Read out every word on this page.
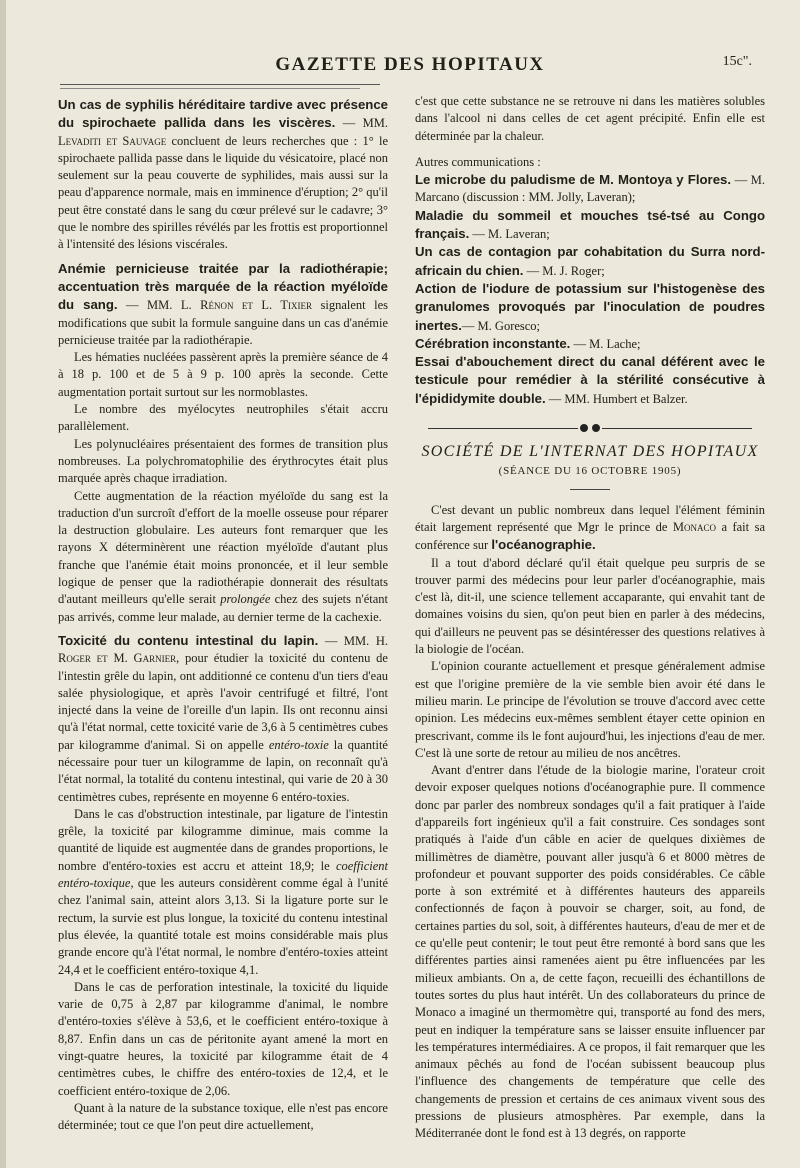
GAZETTE DES HOPITAUX	15c".

Un cas de syphilis héréditaire tardive avec présence du spirochaete pallida dans les viscères. — MM. Levaditi et Sauvage concluent de leurs recherches que : 1° le spirochaete pallida passe dans le liquide du vésicatoire, placé non seulement sur la peau couverte de syphilides, mais aussi sur la peau d'apparence normale, mais en imminence d'éruption; 2° qu'il peut être constaté dans le sang du cœur prélevé sur le cadavre; 3° que le nombre des spirilles révélés par les frottis est proportionnel à l'intensité des lésions viscérales.

Anémie pernicieuse traitée par la radiothérapie; accentuation très marquée de la réaction myéloïde du sang. — MM. L. Rénon et L. Tixier signalent les modifications que subit la formule sanguine dans un cas d'anémie pernicieuse traitée par la radiothérapie.

Les hématies nucléées passèrent après la première séance de 4 à 18 p. 100 et de 5 à 9 p. 100 après la seconde. Cette augmentation portait surtout sur les normoblastes.

Le nombre des myélocytes neutrophiles s'était accru parallèlement.

Les polynucléaires présentaient des formes de transition plus nombreuses. La polychromatophilie des érythrocytes était plus marquée après chaque irradiation.

Cette augmentation de la réaction myéloïde du sang est la traduction d'un surcroît d'effort de la moelle osseuse pour réparer la destruction globulaire. Les auteurs font remarquer que les rayons X déterminèrent une réaction myéloïde d'autant plus franche que l'anémie était moins prononcée, et il leur semble logique de penser que la radiothérapie donnerait des résultats d'autant meilleurs qu'elle serait prolongée chez des sujets n'étant pas arrivés, comme leur malade, au dernier terme de la cachexie.

Toxicité du contenu intestinal du lapin. — MM. H. Roger et M. Garnier, pour étudier la toxicité du contenu de l'intestin grêle du lapin, ont additionné ce contenu d'un tiers d'eau salée physiologique, et après l'avoir centrifugé et filtré, l'ont injecté dans la veine de l'oreille d'un lapin. Ils ont reconnu ainsi qu'à l'état normal, cette toxicité varie de 3,6 à 5 centimètres cubes par kilogramme d'animal. Si on appelle entéro-toxie la quantité nécessaire pour tuer un kilogramme de lapin, on reconnaît qu'à l'état normal, la totalité du contenu intestinal, qui varie de 20 à 30 centimètres cubes, représente en moyenne 6 entéro-toxies.

Dans le cas d'obstruction intestinale, par ligature de l'intestin grêle, la toxicité par kilogramme diminue, mais comme la quantité de liquide est augmentée dans de grandes proportions, le nombre d'entéro-toxies est accru et atteint 18,9; le coefficient entéro-toxique, que les auteurs considèrent comme égal à l'unité chez l'animal sain, atteint alors 3,13. Si la ligature porte sur le rectum, la survie est plus longue, la toxicité du contenu intestinal plus élevée, la quantité totale est moins considérable mais plus grande encore qu'à l'état normal, le nombre d'entéro-toxies atteint 24,4 et le coefficient entéro-toxique 4,1.

Dans le cas de perforation intestinale, la toxicité du liquide varie de 0,75 à 2,87 par kilogramme d'animal, le nombre d'entéro-toxies s'élève à 53,6, et le coefficient entéro-toxique à 8,87. Enfin dans un cas de péritonite ayant amené la mort en vingt-quatre heures, la toxicité par kilogramme était de 4 centimètres cubes, le chiffre des entéro-toxies de 12,4, et le coefficient entéro-toxique de 2,06.

Quant à la nature de la substance toxique, elle n'est pas encore déterminée; tout ce que l'on peut dire actuellement,

c'est que cette substance ne se retrouve ni dans les matières solubles dans l'alcool ni dans celles de cet agent précipité. Enfin elle est déterminée par la chaleur.

Autres communications :

Le microbe du paludisme de M. Montoya y Flores. — M. Marcano (discussion : MM. Jolly, Laveran);
Maladie du sommeil et mouches tsé-tsé au Congo français. — M. Laveran;
Un cas de contagion par cohabitation du Surra nord-africain du chien. — M. J. Roger;
Action de l'iodure de potassium sur l'histogenèse des granulomes provoqués par l'inoculation de poudres inertes.— M. Goresco;
Cérébration inconstante. — M. Lache;
Essai d'abouchement direct du canal déférent avec le testicule pour remédier à la stérilité consécutive à l'épididymite double. — MM. Humbert et Balzer.
SOCIÉTÉ DE L'INTERNAT DES HOPITAUX
(SÉANCE DU 16 OCTOBRE 1905)

C'est devant un public nombreux dans lequel l'élément féminin était largement représenté que Mgr le prince de Monaco a fait sa conférence sur l'océanographie.

Il a tout d'abord déclaré qu'il était quelque peu surpris de se trouver parmi des médecins pour leur parler d'océanographie, mais c'est là, dit-il, une science tellement accaparante, qui envahit tant de domaines voisins du sien, qu'on peut bien en parler à des médecins, qui d'ailleurs ne peuvent pas se désintéresser des questions relatives à la biologie de l'océan.

L'opinion courante actuellement et presque généralement admise est que l'origine première de la vie semble bien avoir été dans le milieu marin. Le principe de l'évolution se trouve d'accord avec cette opinion. Les médecins eux-mêmes semblent étayer cette opinion en prescrivant, comme ils le font aujourd'hui, les injections d'eau de mer. C'est là une sorte de retour au milieu de nos ancêtres.

Avant d'entrer dans l'étude de la biologie marine, l'orateur croit devoir exposer quelques notions d'océanographie pure. Il commence donc par parler des nombreux sondages qu'il a fait pratiquer à l'aide d'appareils fort ingénieux qu'il a fait construire. Ces sondages sont pratiqués à l'aide d'un câble en acier de quelques dixièmes de millimètres de diamètre, pouvant aller jusqu'à 6 et 8000 mètres de profondeur et pouvant supporter des poids considérables. Ce câble porte à son extrémité et à différentes hauteurs des appareils confectionnés de façon à pouvoir se charger, soit, au fond, de certaines parties du sol, soit, à différentes hauteurs, d'eau de mer et de ce qu'elle peut contenir; le tout peut être remonté à bord sans que les différentes parties ainsi ramenées aient pu être influencées par les milieux ambiants. On a, de cette façon, recueilli des échantillons de toutes sortes du plus haut intérêt. Un des collaborateurs du prince de Monaco a imaginé un thermomètre qui, transporté au fond des mers, peut en indiquer la température sans se laisser ensuite influencer par les températures intermédiaires. A ce propos, il fait remarquer que les animaux pêchés au fond de l'océan subissent beaucoup plus l'influence des changements de température que celle des changements de pression et certains de ces animaux vivent sous des pressions de plusieurs atmosphères. Par exemple, dans la Méditerranée dont le fond est à 13 degrés, on rapporte
